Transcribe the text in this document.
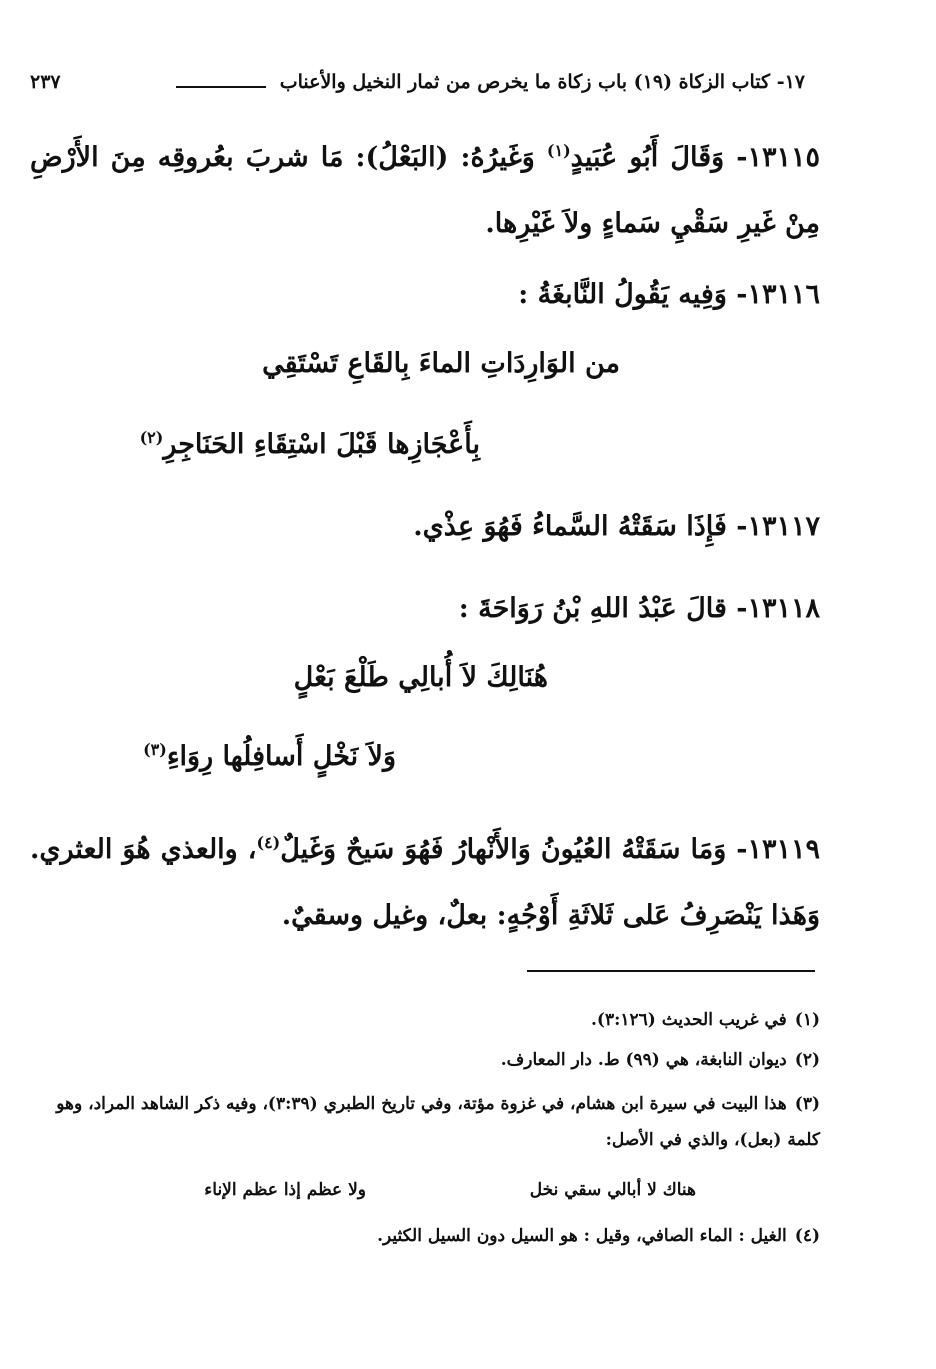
١٧- كتاب الزكاة (١٩) باب زكاة ما يخرص من ثمار النخيل والأعناب
٢٣٧
١٣١١٥- وَقَالَ أَبُو عُبَيدٍ$^{(١)}$ وَغَيرُهُ: (البَعْلُ): مَا شربَ بعُروقِه مِنَ الأَرْضِ مِنْ غَيرِ سَقْيِ سَماءٍ ولاَ غَيْرِها.
١٣١١٦- وَفِيه يَقُولُ النَّابغَةُ :
من الوَارِدَاتِ الماءَ بِالقَاعِ تَسْتَقِي
بِأَعْجَازِها قَبْلَ اسْتِقَاءِ الحَنَاجِرِ$^{(٢)}$
١٣١١٧- فَإِذَا سَقَتْهُ السَّماءُ فَهُوَ عِذْي.
١٣١١٨- قالَ عَبْدُ اللهِ بْنُ رَوَاحَةَ :
هُنَالِكَ لاَ أُبالِي طَلْعَ بَعْلٍ
وَلاَ نَخْلٍ أَسافِلُها رِوَاءِ$^{(٣)}$
١٣١١٩- وَمَا سَقَتْهُ العُيُونُ وَالأَنْهارُ فَهُوَ سَيحٌ وَغَيلٌ$^{(٤)}$، والعذي هُوَ العثري. وَهَذا يَنْصَرِفُ عَلى ثَلاثَةِ أَوْجُهٍ: بعلٌ، وغيل وسقيٌ.
(١)في غريب الحديث (٣:١٢٦).
(٢)ديوان النابغة، هي (٩٩) ط. دار المعارف.
(٣)هذا البيت في سيرة ابن هشام، في غزوة مؤتة، وفي تاريخ الطبري (٣:٣٩)، وفيه ذكر الشاهد المراد، وهو كلمة (بعل)، والذي في الأصل:
هناك لا أبالي سقي نخل
ولا عظم إذا عظم الإناء
(٤)الغيل : الماء الصافي، وقيل : هو السيل دون السيل الكثير.
